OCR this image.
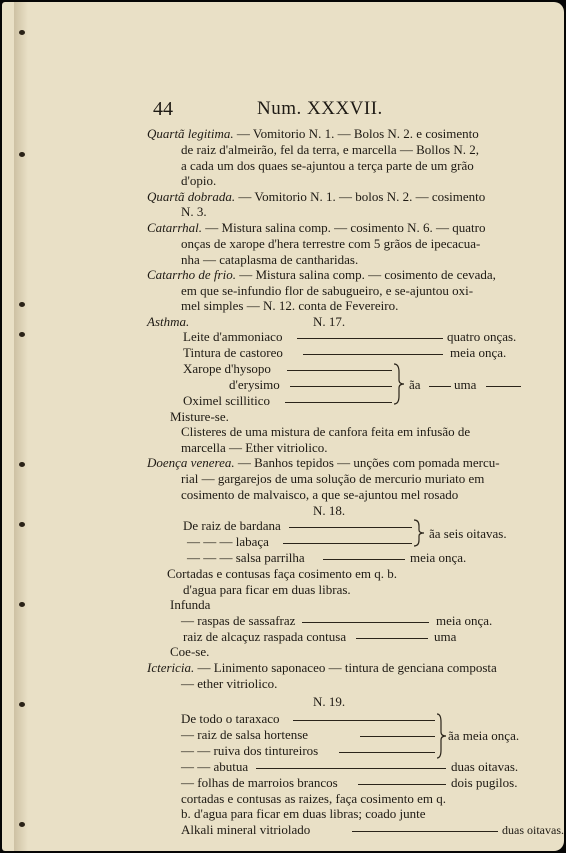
44	Num. XXXVII.
Quartã legitima. — Vomitorio N. 1. — Bolos N. 2. e cosimento
de raiz d'almeirão, fel da terra, e marcella — Bollos N. 2,
a cada um dos quaes se-ajuntou a terça parte de um grão
d'opio.
Quartã dobrada. — Vomitorio N. 1. — bolos N. 2. — cosimento
N. 3.
Catarrhal. — Mistura salina comp. — cosimento N. 6. — quatro
onças de xarope d'hera terrestre com 5 grãos de ipecacua-
nha — cataplasma de cantharidas.
Catarrho de frio. — Mistura salina comp. — cosimento de cevada,
em que se-infundio flor de sabugueiro, e se-ajuntou oxi-
mel simples — N. 12. conta de Fevereiro.
Asthma.	N. 17.
Leite d'ammoniaco	quatro onças.
Tintura de castoreo	meia onça.
Xarope d'hysopo
d'erysimo
Oximel scillitico
ãa	uma
Misture-se.
Clisteres de uma mistura de canfora feita em infusão de
marcella — Ether vitriolico.
Doença venerea. — Banhos tepidos — unções com pomada mercu-
rial — gargarejos de uma solução de mercurio muriato em
cosimento de malvaisco, a que se-ajuntou mel rosado
N. 18.
De raiz de bardana
— — — labaça
ãa seis oitavas.
— — — salsa parrilha	meia onça.
Cortadas e contusas faça cosimento em q. b.
d'agua para ficar em duas libras.
Infunda
— raspas de sassafraz	meia onça.
raiz de alcaçuz raspada contusa	uma
Coe-se.
Ictericia. — Linimento saponaceo — tintura de genciana composta
— ether vitriolico.
N. 19.
De todo o taraxaco
— raiz de salsa hortense
— — ruiva dos tintureiros
ãa meia onça.
— — abutua	duas oitavas.
— folhas de marroios brancos	dois pugilos.
cortadas e contusas as raizes, faça cosimento em q.
b. d'agua para ficar em duas libras; coado junte
Alkali mineral vitriolado	duas oitavas.
